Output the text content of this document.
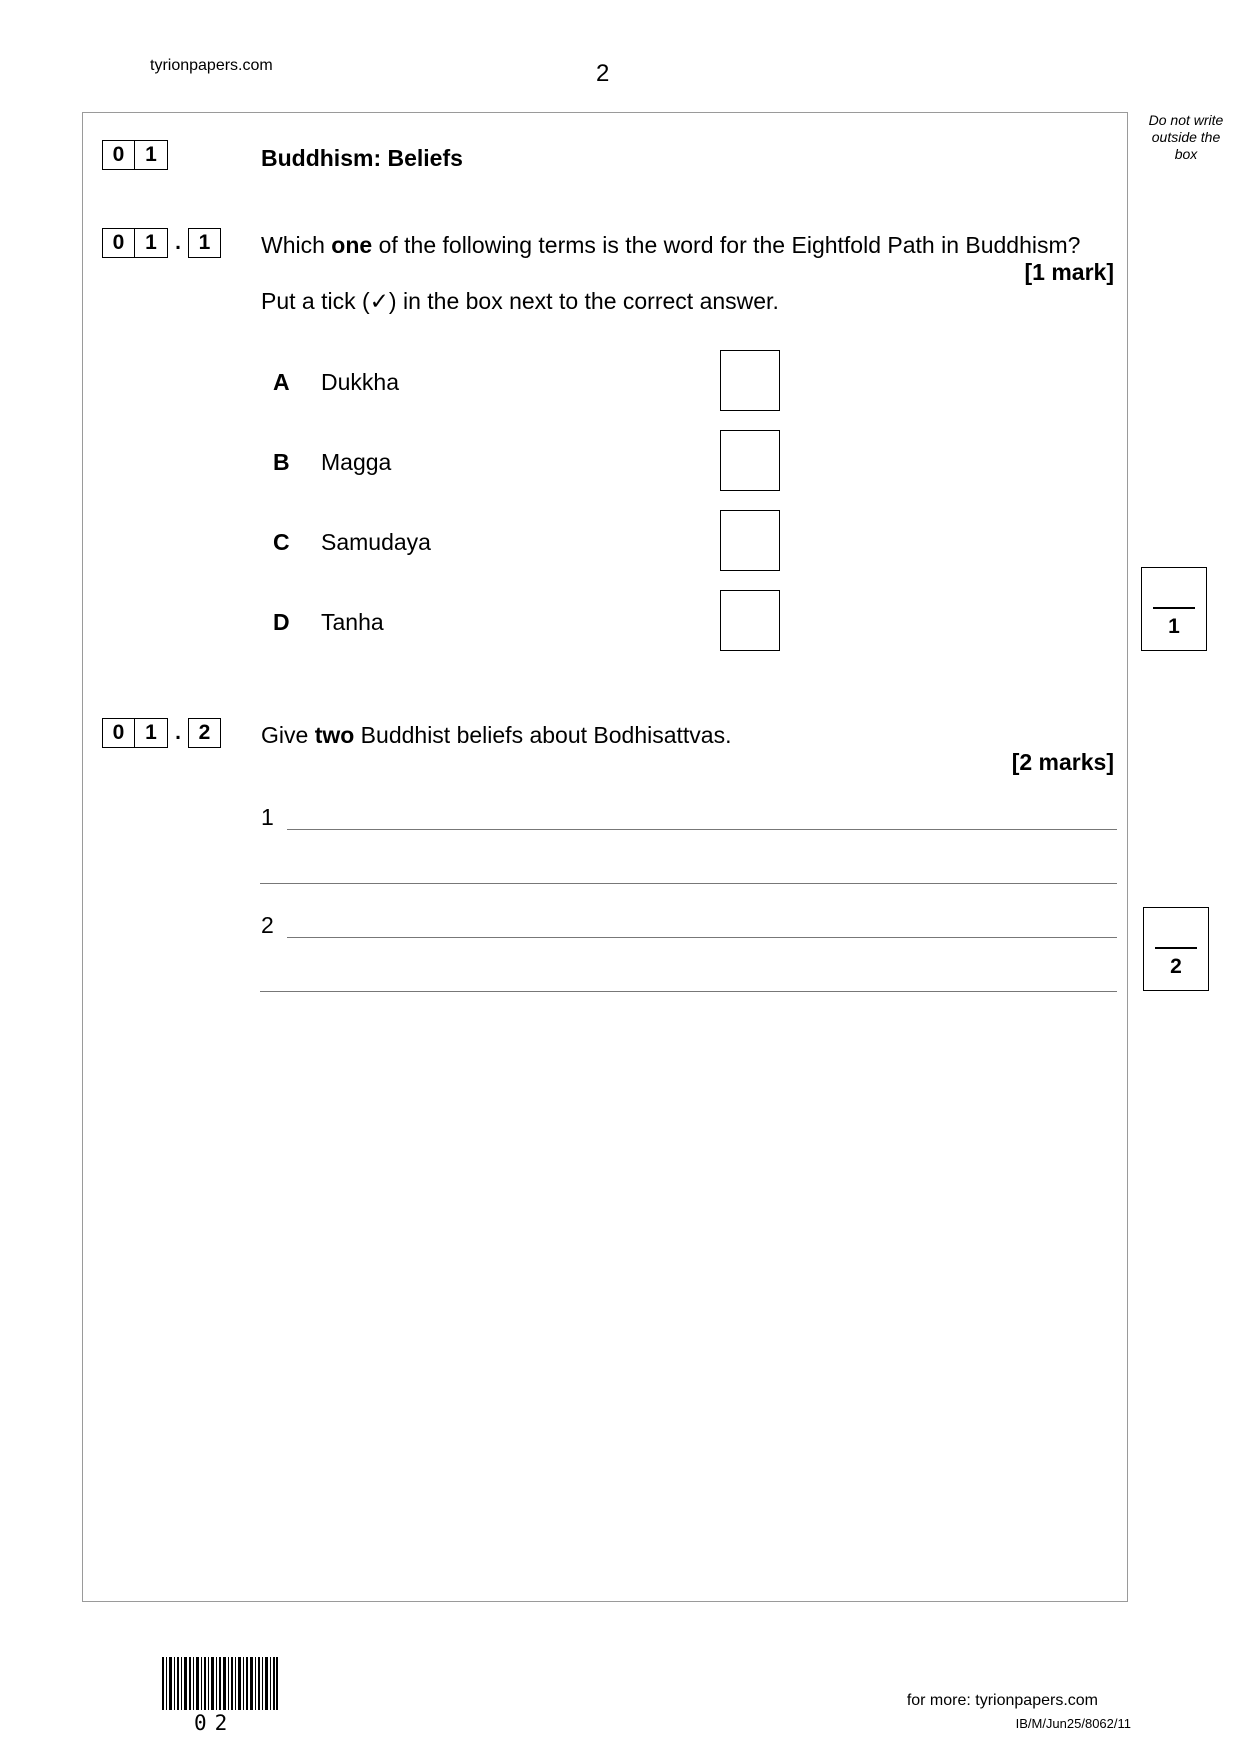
tyrionpapers.com	2
Do not write
outside the
box
0 1	Buddhism: Beliefs
0 1 . 1	Which one of the following terms is the word for the Eightfold Path in Buddhism?
[1 mark]
Put a tick (✓) in the box next to the correct answer.
A Dukkha
B Magga
C Samudaya
D Tanha	1
0 1 . 2	Give two Buddhist beliefs about Bodhisattvas.
[2 marks]
1
2
2
02
for more: tyrionpapers.com
IB/M/Jun25/8062/11
